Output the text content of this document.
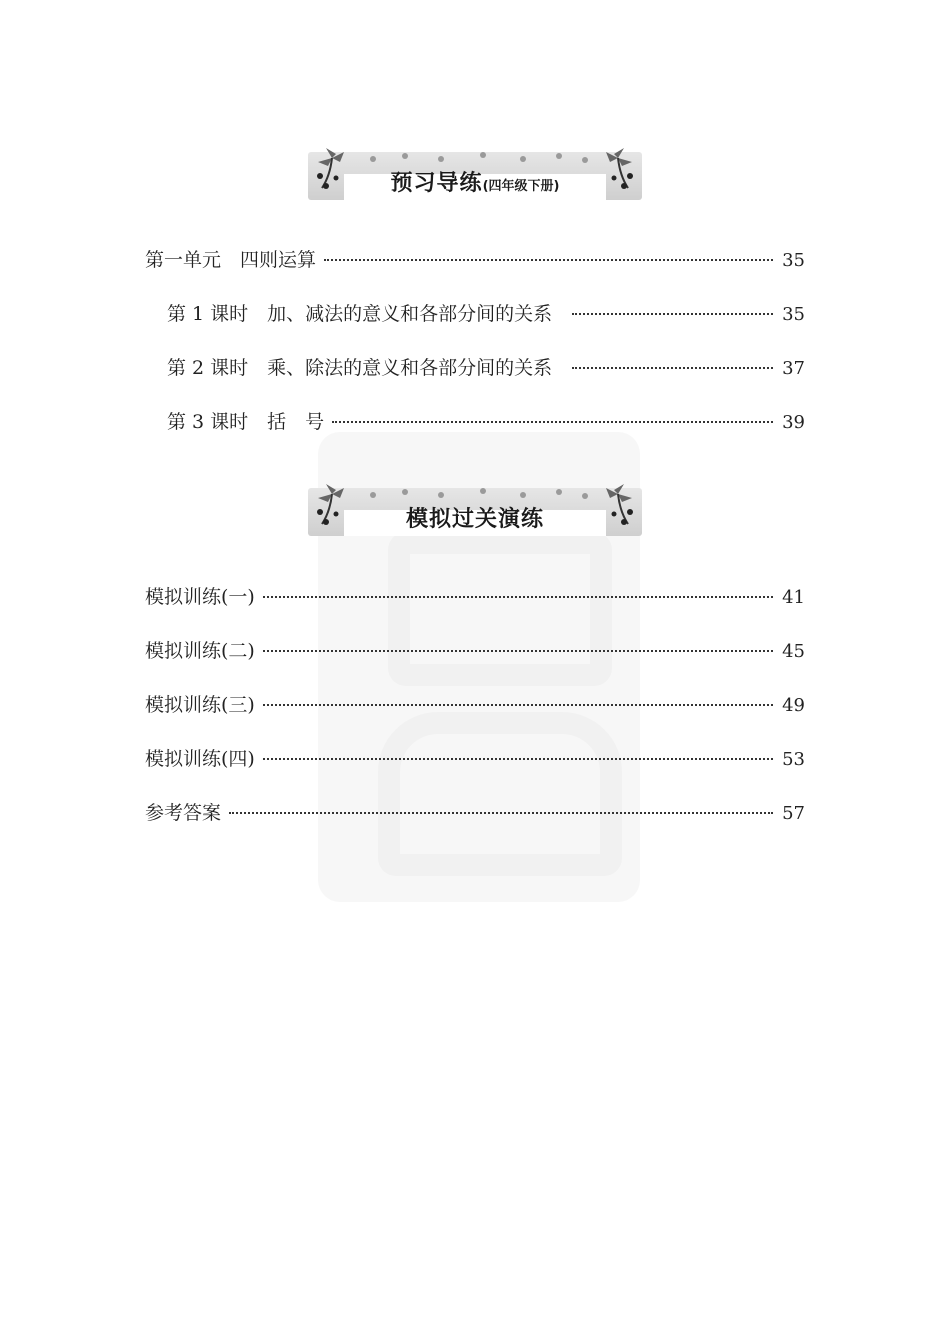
预习导练(四年级下册)
第一单元　四则运算	35
第 1 课时　加、减法的意义和各部分间的关系	35
第 2 课时　乘、除法的意义和各部分间的关系	37
第 3 课时　括　号	39
模拟过关演练
模拟训练(一)	41
模拟训练(二)	45
模拟训练(三)	49
模拟训练(四)	53
参考答案	57
